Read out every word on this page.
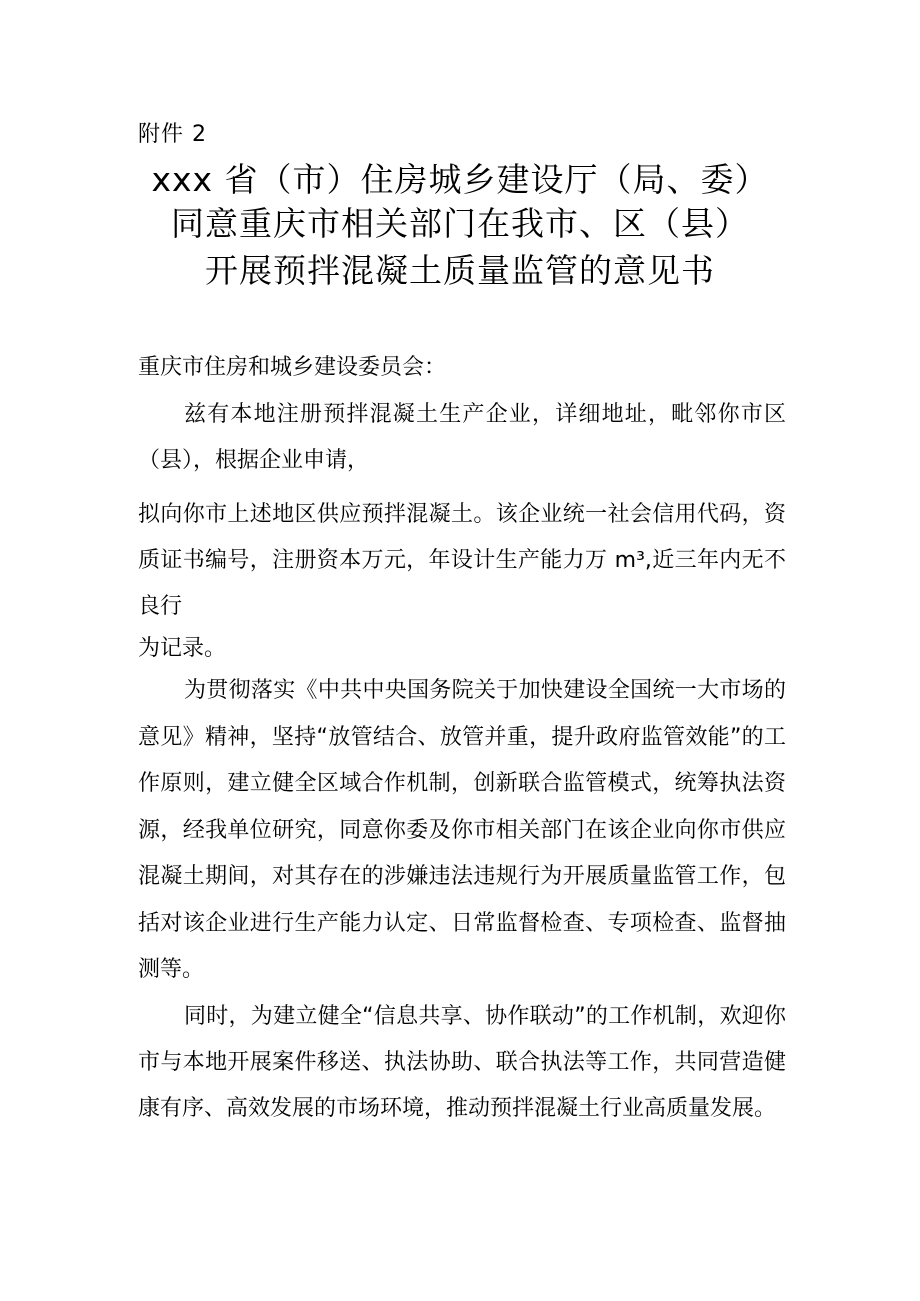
附件 2
xxx 省（市）住房城乡建设厅（局、委）
同意重庆市相关部门在我市、区（县）
开展预拌混凝土质量监管的意见书
重庆市住房和城乡建设委员会：
兹有本地注册预拌混凝土生产企业，详细地址，毗邻你市区
（县），根据企业申请，
拟向你市上述地区供应预拌混凝土。该企业统一社会信用代码，资质证书编号，注册资本万元，年设计生产能力万 m³,近三年内无不良行
为记录。
为贯彻落实《中共中央国务院关于加快建设全国统一大市场的意见》精神，坚持“放管结合、放管并重，提升政府监管效能”的工作原则，建立健全区域合作机制，创新联合监管模式，统筹执法资源，经我单位研究，同意你委及你市相关部门在该企业向你市供应混凝土期间，对其存在的涉嫌违法违规行为开展质量监管工作，包括对该企业进行生产能力认定、日常监督检查、专项检查、监督抽测等。
同时，为建立健全“信息共享、协作联动”的工作机制，欢迎你市与本地开展案件移送、执法协助、联合执法等工作，共同营造健康有序、高效发展的市场环境，推动预拌混凝土行业高质量发展。
